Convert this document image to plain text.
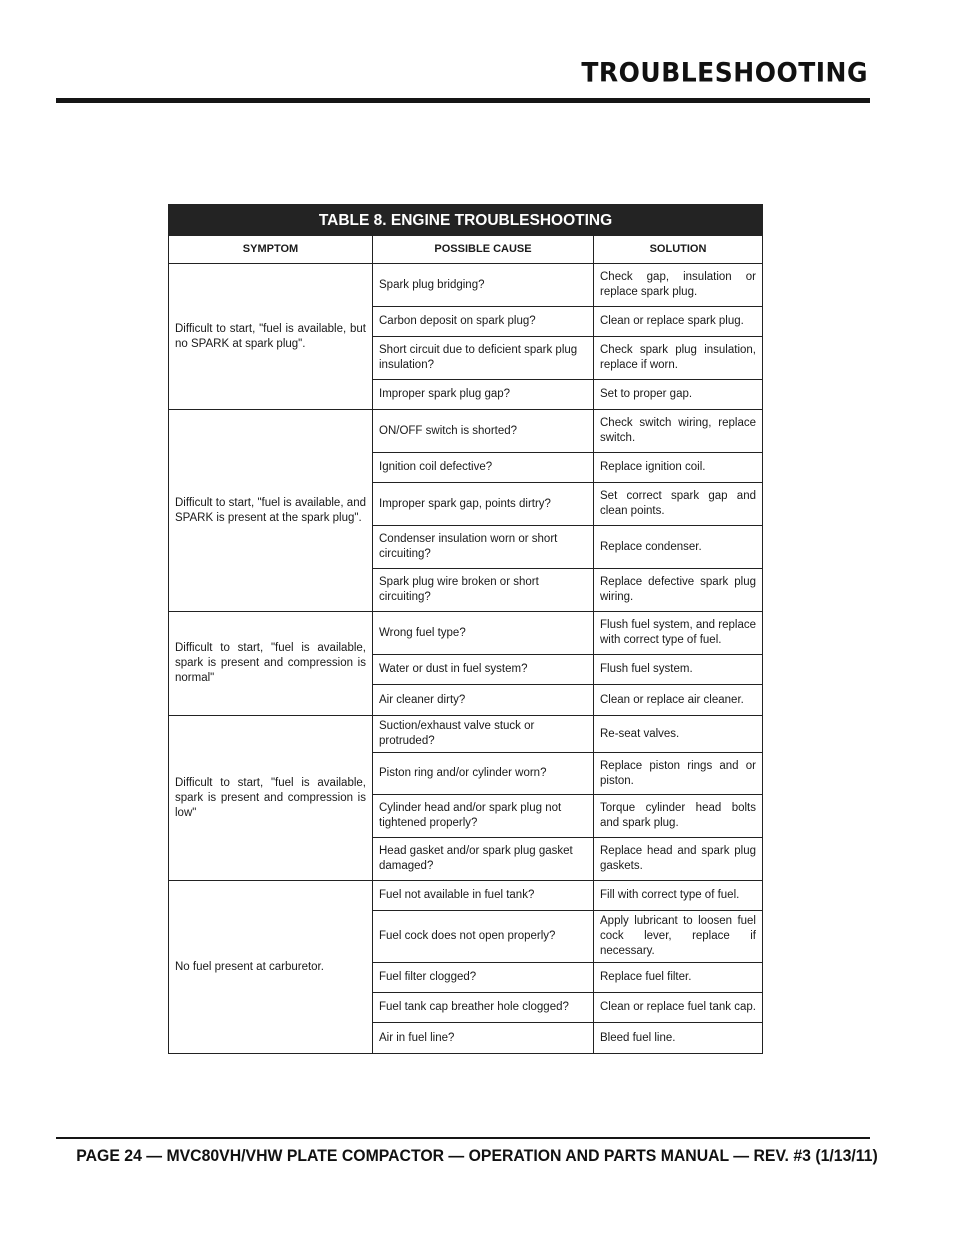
TROUBLESHOOTING
TABLE 8. ENGINE TROUBLESHOOTING		
SYMPTOM	POSSIBLE CAUSE	SOLUTION
Difficult to start, "fuel is available, but no SPARK at spark plug".	Spark plug bridging?	Check gap, insulation or replace spark plug.
	Carbon deposit on spark plug?	Clean or replace spark plug.
	Short circuit due to deficient spark plug insulation?	Check spark plug insulation, replace if worn.
	Improper spark plug gap?	Set to proper gap.
Difficult to start, "fuel is available, and SPARK is present at the spark plug".	ON/OFF switch is shorted?	Check switch wiring, replace switch.
	Ignition coil defective?	Replace ignition coil.
	Improper spark gap, points dirtry?	Set correct spark gap and clean points.
	Condenser insulation worn or short circuiting?	Replace condenser.
	Spark plug wire broken or short circuiting?	Replace defective spark plug wiring.
Difficult to start, "fuel is available, spark is present and compression is normal"	Wrong fuel type?	Flush fuel system, and replace with correct type of fuel.
	Water or dust in fuel system?	Flush fuel system.
	Air cleaner dirty?	Clean or replace air cleaner.
Difficult to start, "fuel is available, spark is present and compression is low"	Suction/exhaust valve stuck or protruded?	Re-seat valves.
	Piston ring and/or cylinder worn?	Replace piston rings and or piston.
	Cylinder head and/or spark plug not tightened properly?	Torque cylinder head bolts and spark plug.
	Head gasket and/or spark plug gasket damaged?	Replace head and spark plug gaskets.
No fuel present at carburetor.	Fuel not available in fuel tank?	Fill with correct type of fuel.
	Fuel cock does not open properly?	Apply lubricant to loosen fuel cock lever, replace if necessary.
	Fuel filter clogged?	Replace fuel filter.
	Fuel tank cap breather hole clogged?	Clean or replace fuel tank cap.
	Air in fuel line?	Bleed fuel line.
PAGE 24 — MVC80VH/VHW PLATE COMPACTOR — OPERATION AND PARTS MANUAL — REV. #3 (1/13/11)
